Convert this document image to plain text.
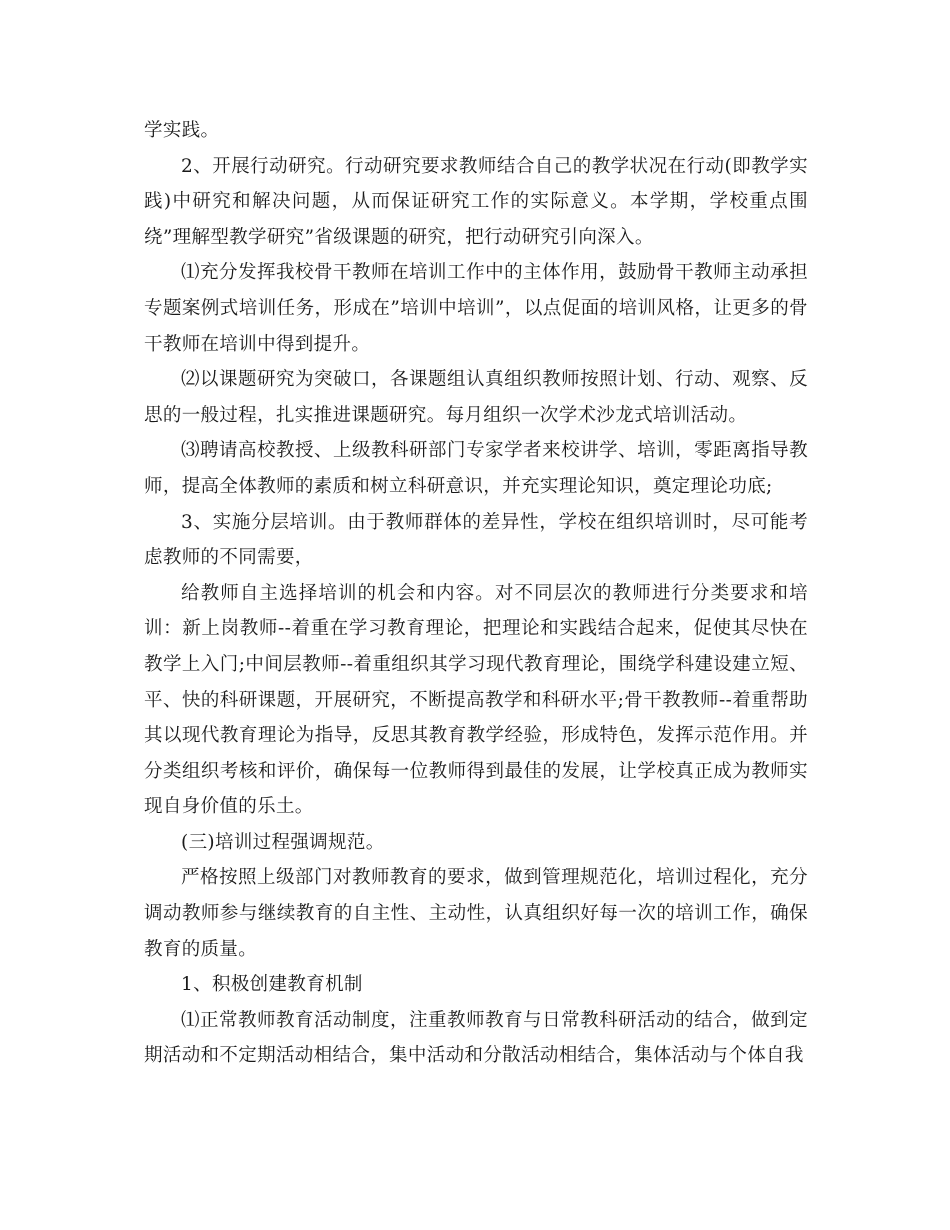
学实践。

2、开展行动研究。行动研究要求教师结合自己的教学状况在行动(即教学实践)中研究和解决问题，从而保证研究工作的实际意义。本学期，学校重点围绕”理解型教学研究”省级课题的研究，把行动研究引向深入。

⑴充分发挥我校骨干教师在培训工作中的主体作用，鼓励骨干教师主动承担专题案例式培训任务，形成在”培训中培训”，以点促面的培训风格，让更多的骨干教师在培训中得到提升。

⑵以课题研究为突破口，各课题组认真组织教师按照计划、行动、观察、反思的一般过程，扎实推进课题研究。每月组织一次学术沙龙式培训活动。

⑶聘请高校教授、上级教科研部门专家学者来校讲学、培训，零距离指导教师，提高全体教师的素质和树立科研意识，并充实理论知识，奠定理论功底;

3、实施分层培训。由于教师群体的差异性，学校在组织培训时，尽可能考虑教师的不同需要，

给教师自主选择培训的机会和内容。对不同层次的教师进行分类要求和培训：新上岗教师--着重在学习教育理论，把理论和实践结合起来，促使其尽快在教学上入门;中间层教师--着重组织其学习现代教育理论，围绕学科建设建立短、平、快的科研课题，开展研究，不断提高教学和科研水平;骨干教教师--着重帮助其以现代教育理论为指导，反思其教育教学经验，形成特色，发挥示范作用。并分类组织考核和评价，确保每一位教师得到最佳的发展，让学校真正成为教师实现自身价值的乐土。

(三)培训过程强调规范。

严格按照上级部门对教师教育的要求，做到管理规范化，培训过程化，充分调动教师参与继续教育的自主性、主动性，认真组织好每一次的培训工作，确保教育的质量。

1、积极创建教育机制

⑴正常教师教育活动制度，注重教师教育与日常教科研活动的结合，做到定期活动和不定期活动相结合，集中活动和分散活动相结合，集体活动与个体自我
